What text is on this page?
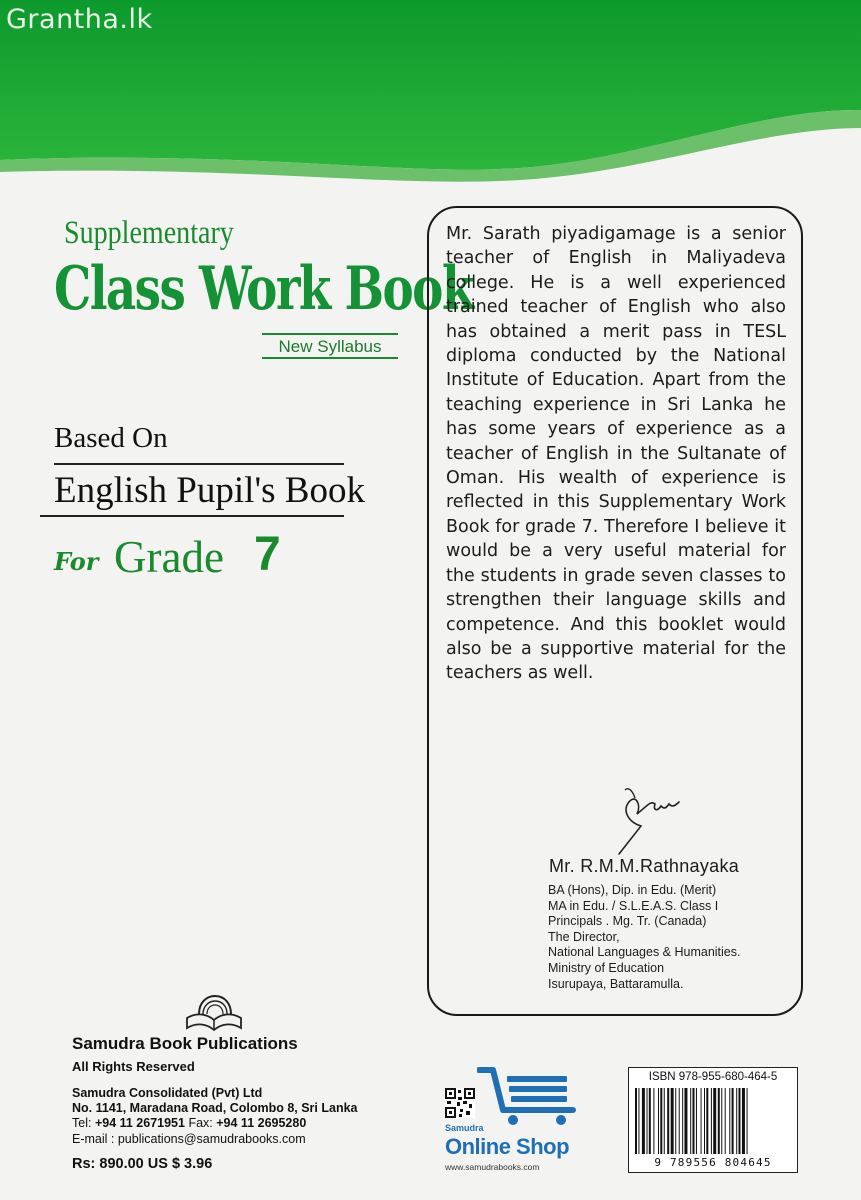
Grantha.lk
Supplementary
Class Work Book
New Syllabus
Based On
English Pupil's Book
For Grade 7

Mr. Sarath piyadigamage is a senior teacher of English in Maliyadeva college. He is a well experienced trained teacher of English who also has obtained a merit pass in TESL diploma conducted by the National Institute of Education. Apart from the teaching experience in Sri Lanka he has some years of experience as a teacher of English in the Sultanate of Oman. His wealth of experience is reflected in this Supplementary Work Book for grade 7. Therefore I believe it would be a very useful material for the students in grade seven classes to strengthen their language skills and competence. And this booklet would also be a supportive material for the teachers as well.

Mr. R.M.M.Rathnayaka
BA (Hons), Dip. in Edu. (Merit)
MA in Edu. / S.L.E.A.S. Class I
Principals . Mg. Tr. (Canada)
The Director,
National Languages & Humanities.
Ministry of Education
Isurupaya, Battaramulla.
Samudra Book Publications
All Rights Reserved
Samudra Consolidated (Pvt) Ltd
No. 1141, Maradana Road, Colombo 8, Sri Lanka
Tel: +94 11 2671951 Fax: +94 11 2695280
E-mail : publications@samudrabooks.com
Rs: 890.00 US $ 3.96
Samudra
Online Shop
www.samudrabooks.com
ISBN 978-955-680-464-5
9 789556 804645
